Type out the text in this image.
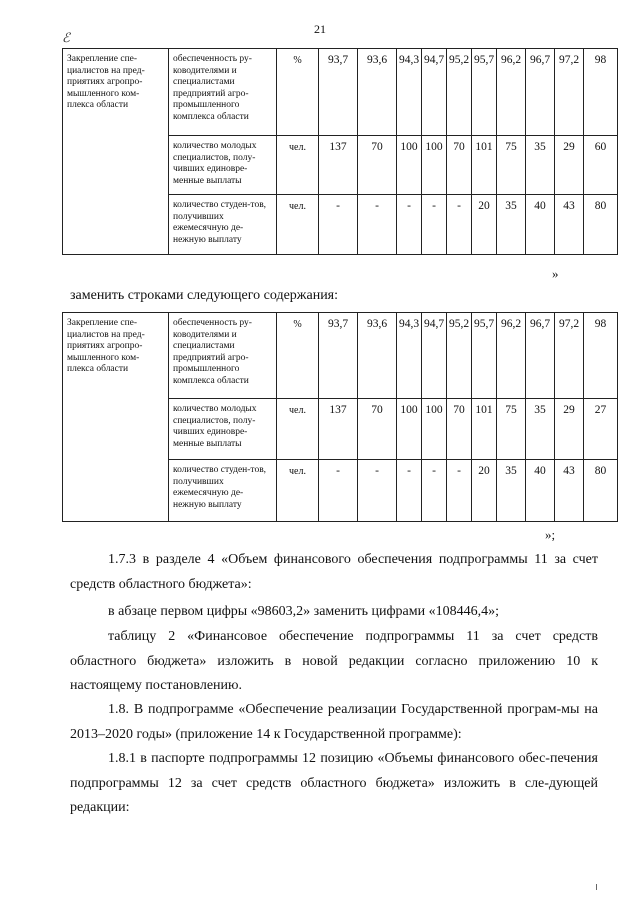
21
ℰ
Закрепление спе-циалистов на пред-приятиях агропро-мышленного ком-плекса области	обеспеченность ру-ководителями и специалистами предприятий агро-промышленного комплекса области	%	93,7	93,6	94,3	94,7	95,2	95,7	96,2	96,7	97,2	98
	количество молодых специалистов, полу-чивших единовре-менные выплаты	чел.	137	70	100	100	70	101	75	35	29	60
	количество студен-тов, получивших ежемесячную де-нежную выплату	чел.	-	-	-	-	-	20	35	40	43	80
»
заменить строками следующего содержания:
Закрепление спе-циалистов на пред-приятиях агропро-мышленного ком-плекса области	обеспеченность ру-ководителями и специалистами предприятий агро-промышленного комплекса области	%	93,7	93,6	94,3	94,7	95,2	95,7	96,2	96,7	97,2	98
	количество молодых специалистов, полу-чивших единовре-менные выплаты	чел.	137	70	100	100	70	101	75	35	29	27
	количество студен-тов, получивших ежемесячную де-нежную выплату	чел.	-	-	-	-	-	20	35	40	43	80
»;

1.7.3 в разделе 4 «Объем финансового обеспечения подпрограммы 11 за счет средств областного бюджета»:

в абзаце первом цифры «98603,2» заменить цифрами «108446,4»;

таблицу 2 «Финансовое обеспечение подпрограммы 11 за счет средств областного бюджета» изложить в новой редакции согласно приложению 10 к настоящему постановлению.

1.8. В подпрограмме «Обеспечение реализации Государственной програм-мы на 2013–2020 годы» (приложение 14 к Государственной программе):

1.8.1 в паспорте подпрограммы 12 позицию «Объемы финансового обес-печения подпрограммы 12 за счет средств областного бюджета» изложить в сле-дующей редакции:
